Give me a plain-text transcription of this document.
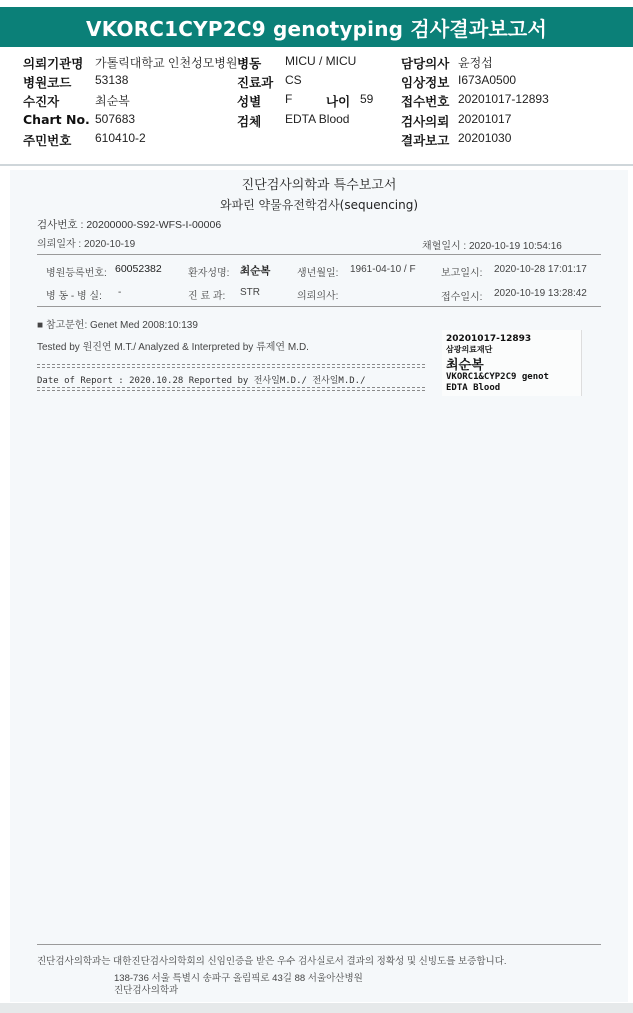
VKORC1CYP2C9 genotyping 검사결과보고서
의뢰기관명 가톨릭대학교 인천성모병원 병동 MICU / MICU	담당의사 윤정섭
병원코드 53138	진료과 CS	임상정보 I673A0500
수진자	최순복	성별 F	나이 59 접수번호 20201017-12893
Chart No. 507683	검체 EDTA Blood	검사의뢰 20201017
주민번호 610410-2	결과보고 20201030
진단검사의학과 특수보고서
와파린 약물유전학검사(sequencing)
검사번호 : 20200000-S92-WFS-I-00006
의뢰일자 : 2020-10-19	채혈일시 : 2020-10-19 10:54:16
병원등록번호: 60052382	환자성명: 최순복	생년월일: 1961-04-10 / F	보고일시: 2020-10-28 17:01:17
병 동 - 병 실: -	진 료 과: STR	의뢰의사:	접수일시: 2020-10-19 13:28:42
■ 참고문헌: Genet Med 2008:10:139
Tested by 원진연 M.T./ Analyzed & Interpreted by 류제연 M.D.
Date of Report : 2020.10.28 Reported by 전사일M.D./ 전사일M.D./
20201017-12893
삼광의료재단
최순복
VKORC1&CYP2C9 genot
EDTA Blood
진단검사의학과는 대한진단검사의학회의 신임인증을 받은 우수 검사실로서 결과의 정확성 및 신빙도를 보증합니다.
138-736 서울 특별시 송파구 올림픽로 43길 88 서울아산병원
진단검사의학과
